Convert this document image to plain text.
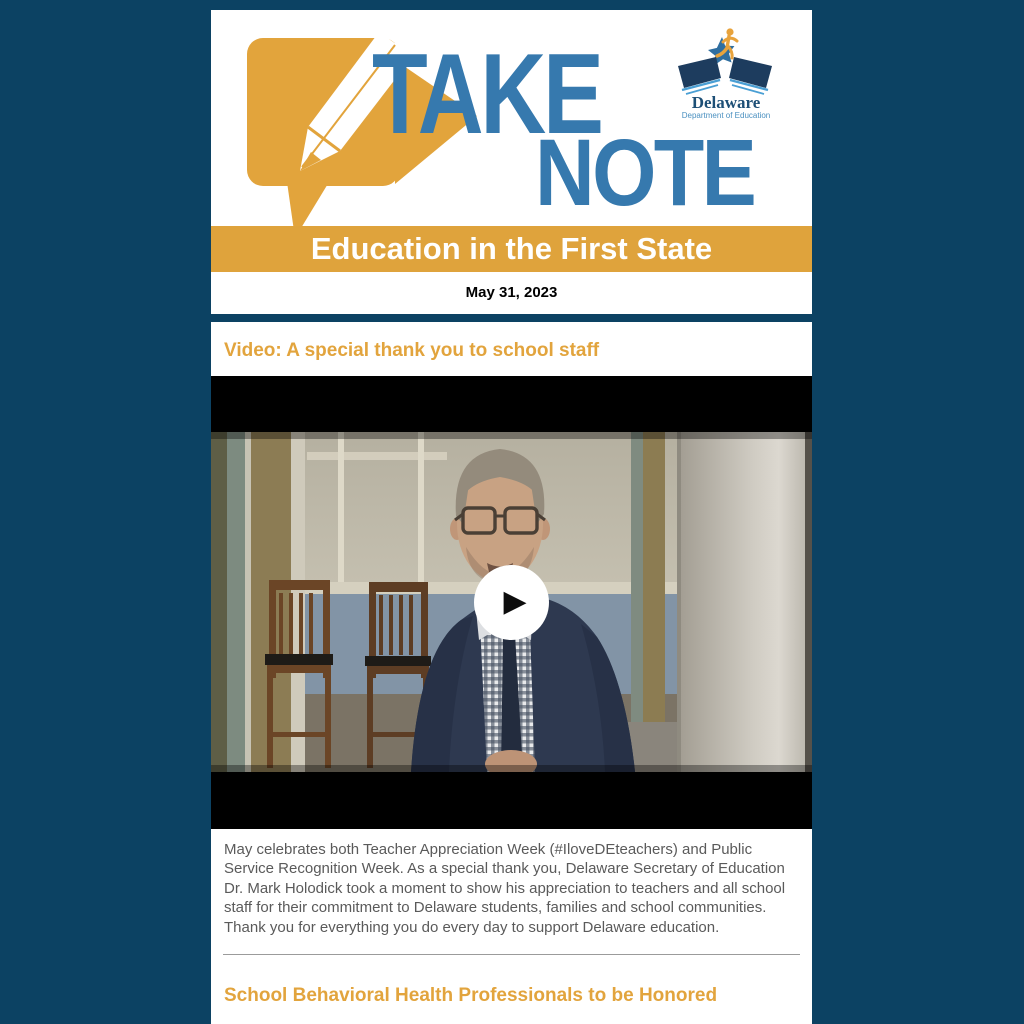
TAKE
NOTE
Delaware
Department of Education
Education in the First State
May 31, 2023
Video: A special thank you to school staff
▶
May celebrates both Teacher Appreciation Week (#IloveDEteachers) and Public Service Recognition Week. As a special thank you, Delaware Secretary of Education Dr. Mark Holodick took a moment to show his appreciation to teachers and all school staff for their commitment to Delaware students, families and school communities. Thank you for everything you do every day to support Delaware education.
School Behavioral Health Professionals to be Honored
